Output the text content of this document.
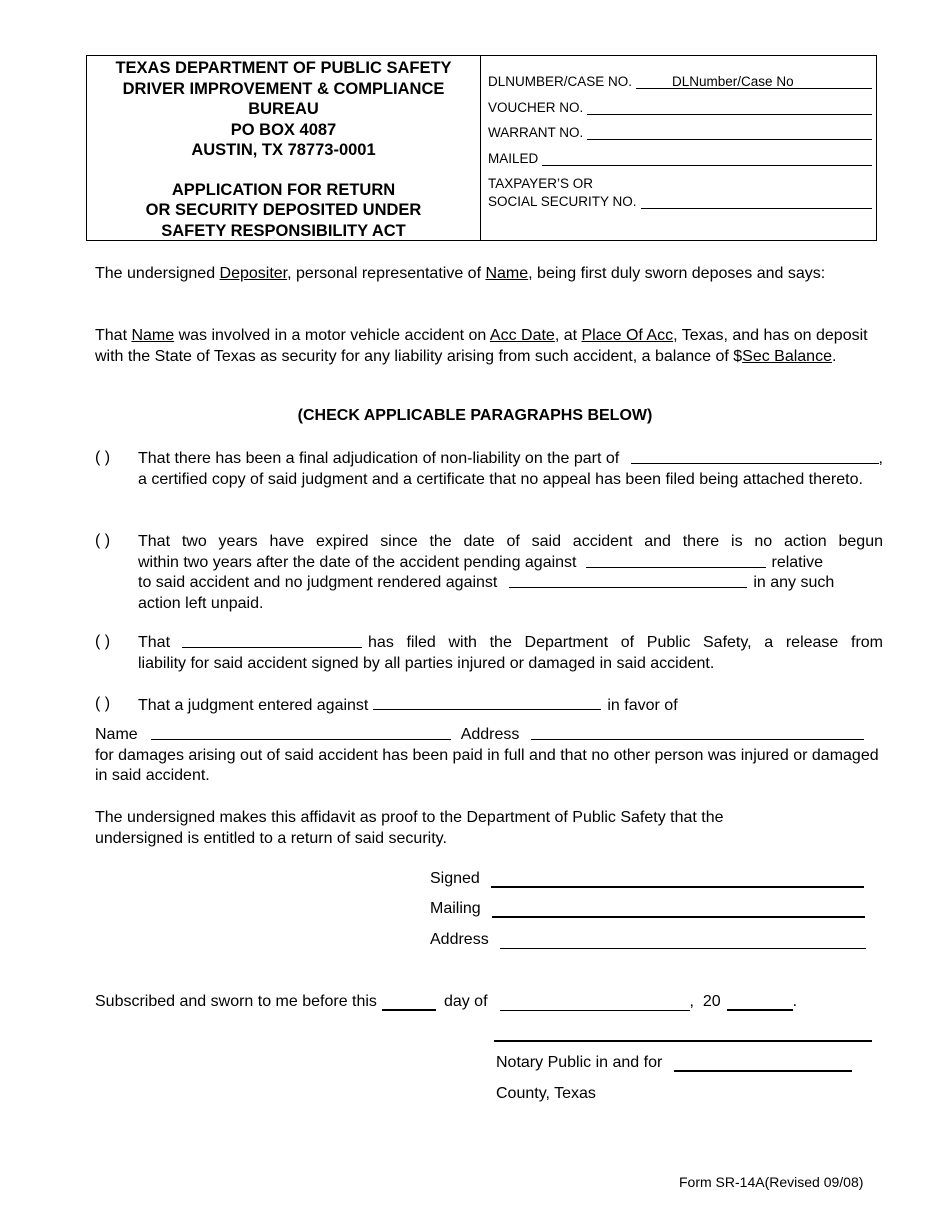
TEXAS DEPARTMENT OF PUBLIC SAFETY
DRIVER IMPROVEMENT & COMPLIANCE
BUREAU
PO BOX 4087
AUSTIN, TX 78773-0001
APPLICATION FOR RETURN
OR SECURITY DEPOSITED UNDER
SAFETY RESPONSIBILITY ACT
DLNUMBER/CASE NO.	DLNumber/Case No
VOUCHER NO.
WARRANT NO.
MAILED
TAXPAYER’S OR
SOCIAL SECURITY NO.

The undersigned Depositer, personal representative of Name, being first duly sworn deposes and says:

That Name was involved in a motor vehicle accident on Acc Date, at Place Of Acc, Texas, and has on deposit with the State of Texas as security for any liability arising from such accident, a balance of $Sec Balance.

(CHECK APPLICABLE PARAGRAPHS BELOW)
( )	That there has been a final adjudication of non-liability on the part of	,
a certified copy of said judgment and a certificate that no appeal has been filed being attached thereto.
( )	That two years have expired since the date of said accident and there is no action begun
within two years after the date of the accident pending against	relative
to said accident and no judgment rendered against	in any such
action left unpaid.
( )	That	has filed with the Department of Public Safety, a release from
liability for said accident signed by all parties injured or damaged in said accident.
( )	That a judgment entered against	in favor of
Name	Address

for damages arising out of said accident has been paid in full and that no other person was injured or damaged in said accident.

The undersigned makes this affidavit as proof to the Department of Public Safety that the undersigned is entitled to a return of said security.

Signed
Mailing
Address
Subscribed and sworn to me before this	day of	,  20	.
Notary Public in and for
County, Texas
Form SR-14A(Revised 09/08)
